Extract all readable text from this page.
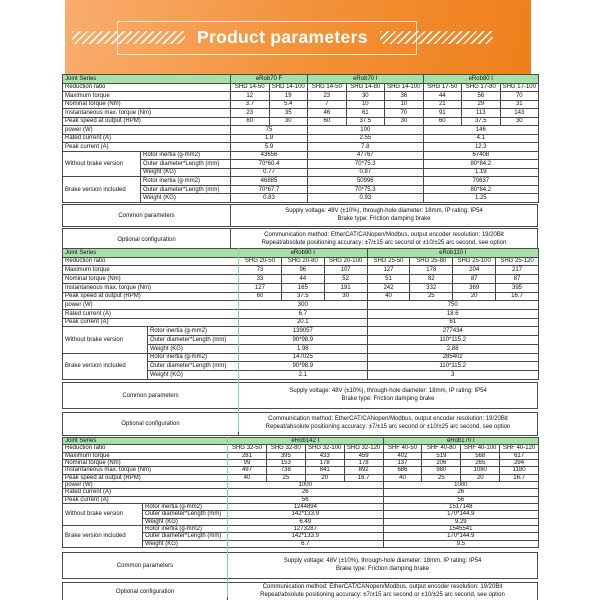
Product parameters
Joint Series		eRob70 F		eRob70 I			eRob80 I		
Reduction ratio		SHD 14-50	SHD 14-100	SHG 14-50	SHG 14-80	SHG 14-100	SHG 17-50	SHG 17-80	SHG 17-100
Maximum torque		12	19	23	30	36	44	56	70
Nominal torque (Nm)		3.7	5.4	7	10	10	21	29	31
Instantaneous max. torque (Nm)		23	35	46	61	70	91	113	143
Peak speed at output (RPM)		60	30	60	37.5	30	60	37.5	30
power (W)		75		100			146		
Rated current (A)		1.9		2.55			4.1		
Peak current (A)		5.9		7.8			12.3		
Without brake version	Rotor inertia (g-mm2)	43656		47767			67408		
	Outer diameter*Length (mm)	70*60.4		70*75.3			80*84.2		
	Weight (KG)	0.77		0.87			1.19		
Brake version included	Rotor inertia (g-mm2)	46885		50996			70637		
	Outer diameter*Length (mm)	70*67.7		70*75.3			80*84.2		
	Weight (KG)	0.83		0.93			1.25		
Common parameters
Supply voltage: 48V (±10%), through-hole diameter: 18mm, IP rating: IP54
Brake type: Friction damping brake
Optional configuration
Communication method: EtherCAT/CANopen/Modbus, output encoder resolution: 19/20Bit
Repeat/absolute positioning accuracy: ±7/±15 arc second or ±10/±25 arc second, see option
Joint Series		eRob90 I			eRob110 I			
Reduction ratio		SHG 20-50	SHG 20-80	SHG 20-100	SHG 25-50	SHG 25-80	SHG 25-100	SHG 25-120
Maximum torque		73	96	107	127	178	204	217
Nominal torque (Nm)		33	44	52	51	82	87	87
Instantaneous max. torque (Nm)		127	165	191	242	332	369	395
Peak speed at output (RPM)		60	37.5	30	40	25	20	16.7
power (W)		300			750			
Rated current (A)		6.7			18.6			
Peak current (A)		20.1			61			
Without brake version	Rotor inertia (g-mm2)	139057			277434			
	Outer diameter*Length (mm)	90*98.9			110*115.2			
	Weight (KG)	1.98			2.88			
Brake version included	Rotor inertia (g-mm2)	147025			285402			
	Outer diameter*Length (mm)	90*98.9			110*115.2			
	Weight (KG)	2.1			3			
Common parameters
Supply voltage: 48V (±10%), through-hole diameter: 18mm, IP rating: IP54
Brake type: Friction damping brake
Optional configuration
Communication method: EtherCAT/CANopen/Modbus, output encoder resolution: 19/20Bit
Repeat/absolute positioning accuracy: ±7/±15 arc second or ±10/±25 arc second, see option
Joint Series		eRob142 I				eRob170 I			
Reduction ratio		SHG 32-50	SHG 32-80	SHG 32-100	SHG 32-120	SHF 40-50	SHF 40-80	SHF 40-100	SHF 40-120
Maximum torque		281	395	433	459	402	519	568	617
Nominal torque (Nm)		99	153	178	178	137	206	265	294
Instantaneous max. torque (Nm)		497	738	841	892	686	980	1080	1180
Peak speed at output (RPM)		40	25	20	16.7	40	25	20	16.7
power (W)		1000				1000			
Rated current (A)		26				26			
Peak current (A)		56				56			
Without brake version	Rotor inertia (g-mm2)	1244894				1517148			
	Outer diameter*Length (mm)	142*133.9				170*144.9			
	Weight (KG)	6.49				9.29			
Brake version included	Rotor inertia (g-mm2)	1273287				1545541			
	Outer diameter*Length (mm)	142*133.9				170*144.9			
	Weight (KG)	6.7				9.5			
Common parameters
Supply voltage: 48V (±10%), through-hole diameter: 18mm, IP rating: IP54
Brake type: Friction damping brake
Optional configuration
Communication method: EtherCAT/CANopen/Modbus, output encoder resolution: 19/20Bit
Repeat/absolute positioning accuracy: ±7/±15 arc second or ±10/±25 arc second, see option
